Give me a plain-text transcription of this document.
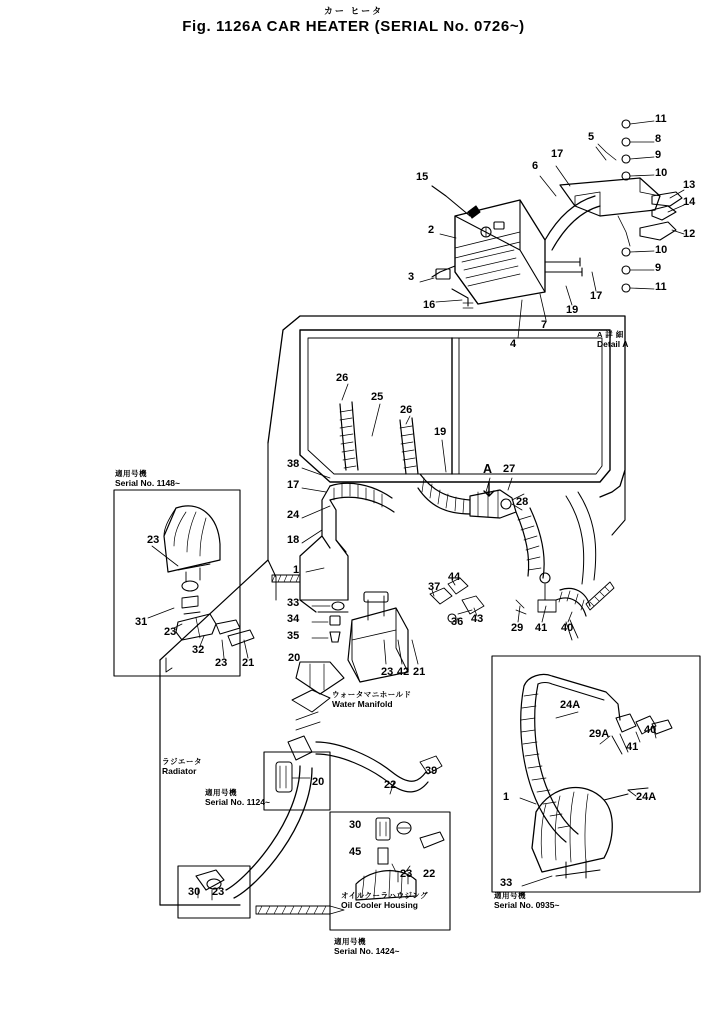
カー ヒータ
Fig. 1126A CAR HEATER (SERIAL No. 0726~)
11
8
9
5
10
13
14
12
10
9
11
17
6
15
2
3
16
4
7
19
17
26
25
26
19
38
17
24
18
A 27
28
1
33
34
35
37
44
36 43
29 41 40
20
23 42 21
24A
29A
41
40
1	24A
33
22
39
23
31
23
32
23 21
20
30 23
30
45
23 22
A 詳 細
Detail A
ウォータマニホールド
Water Manifold
ラジエータ
Radiator
オイルクーラハウジング
Oil Cooler Housing
適用号機
Serial No. 1148~
適用号機
Serial No. 1124~
適用号機
Serial No. 1424~
適用号機
Serial No. 0935~
